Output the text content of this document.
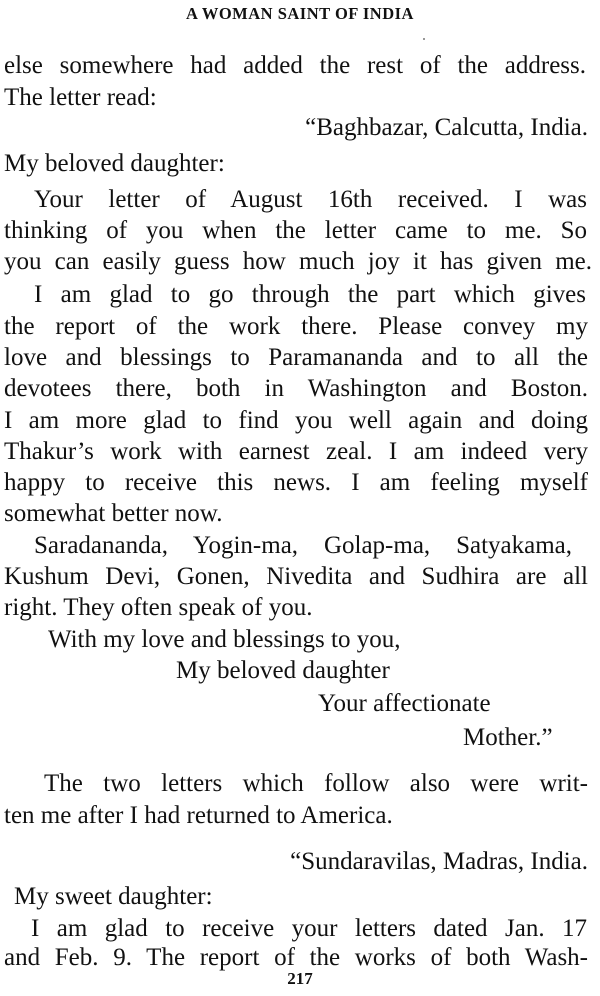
A WOMAN SAINT OF INDIA
else somewhere had added the rest of the address.
The letter read:
“Baghbazar, Calcutta, India.
My beloved daughter:
Your letter of August 16th received. I was
thinking of you when the letter came to me. So
you can easily guess how much joy it has given me.
I am glad to go through the part which gives
the report of the work there. Please convey my
love and blessings to Paramananda and to all the
devotees there, both in Washington and Boston.
I am more glad to find you well again and doing
Thakur’s work with earnest zeal. I am indeed very
happy to receive this news. I am feeling myself
somewhat better now.
Saradananda, Yogin-ma, Golap-ma, Satyakama,
Kushum Devi, Gonen, Nivedita and Sudhira are all
right. They often speak of you.
With my love and blessings to you,
My beloved daughter
Your affectionate
Mother.”
The two letters which follow also were writ-
ten me after I had returned to America.
“Sundaravilas, Madras, India.
My sweet daughter:
I am glad to receive your letters dated Jan. 17
and Feb. 9. The report of the works of both Wash-
217
